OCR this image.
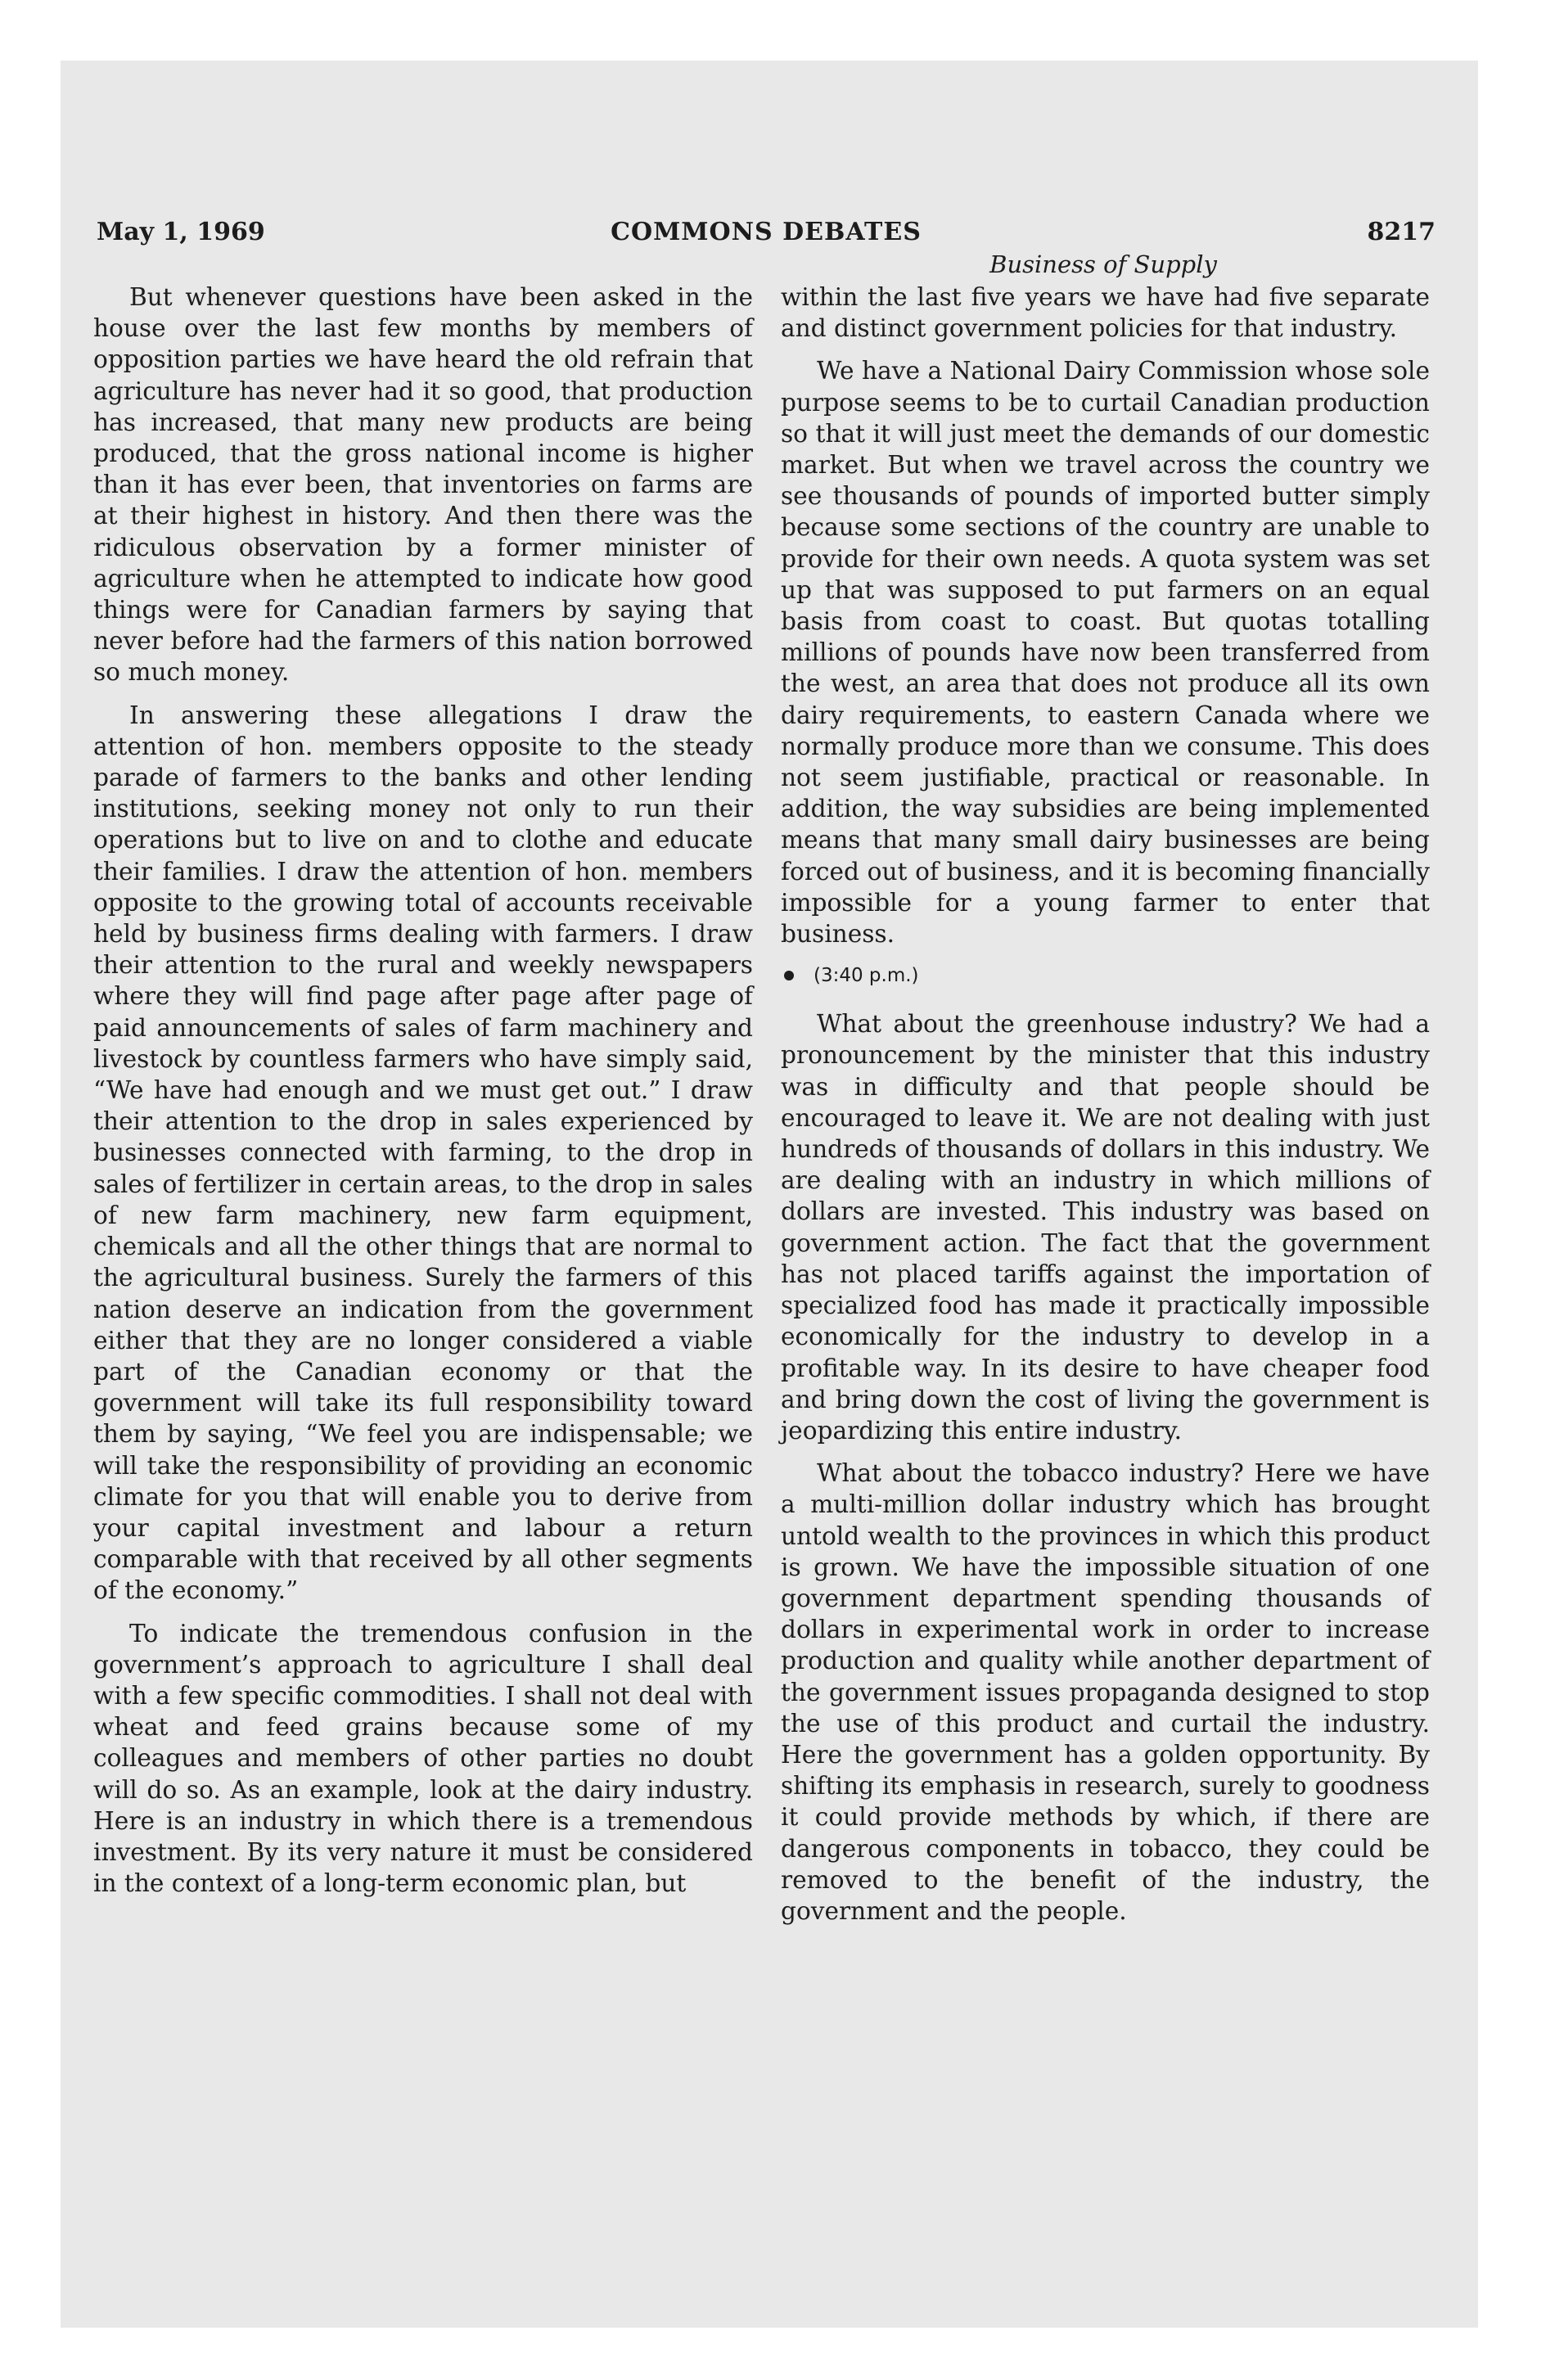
May 1, 1969	COMMONS DEBATES	8217
Business of Supply

But whenever questions have been asked in the house over the last few months by members of opposition parties we have heard the old refrain that agriculture has never had it so good, that production has increased, that many new products are being produced, that the gross national income is higher than it has ever been, that inventories on farms are at their highest in history. And then there was the ridiculous observation by a former minister of agriculture when he attempted to indicate how good things were for Canadian farmers by saying that never before had the farmers of this nation borrowed so much money.

In answering these allegations I draw the attention of hon. members opposite to the steady parade of farmers to the banks and other lending institutions, seeking money not only to run their operations but to live on and to clothe and educate their families. I draw the attention of hon. members opposite to the growing total of accounts receivable held by business firms dealing with farmers. I draw their attention to the rural and weekly newspapers where they will find page after page after page of paid announcements of sales of farm machinery and livestock by countless farmers who have simply said, “We have had enough and we must get out.” I draw their attention to the drop in sales experienced by businesses connected with farming, to the drop in sales of fertilizer in certain areas, to the drop in sales of new farm machinery, new farm equipment, chemicals and all the other things that are normal to the agricultural business. Surely the farmers of this nation deserve an indication from the government either that they are no longer considered a viable part of the Canadian economy or that the government will take its full responsibility toward them by saying, “We feel you are indispensable; we will take the responsibility of providing an economic climate for you that will enable you to derive from your capital investment and labour a return comparable with that received by all other segments of the economy.”

To indicate the tremendous confusion in the government’s approach to agriculture I shall deal with a few specific commodities. I shall not deal with wheat and feed grains because some of my colleagues and members of other parties no doubt will do so. As an example, look at the dairy industry. Here is an industry in which there is a tremendous investment. By its very nature it must be considered in the context of a long-term economic plan, but

within the last five years we have had five separate and distinct government policies for that industry.

We have a National Dairy Commission whose sole purpose seems to be to curtail Canadian production so that it will just meet the demands of our domestic market. But when we travel across the country we see thousands of pounds of imported butter simply because some sections of the country are unable to provide for their own needs. A quota system was set up that was supposed to put farmers on an equal basis from coast to coast. But quotas totalling millions of pounds have now been transferred from the west, an area that does not produce all its own dairy requirements, to eastern Canada where we normally produce more than we consume. This does not seem justifiable, practical or reasonable. In addition, the way subsidies are being implemented means that many small dairy businesses are being forced out of business, and it is becoming financially impossible for a young farmer to enter that business.

(3:40 p.m.)

What about the greenhouse industry? We had a pronouncement by the minister that this industry was in difficulty and that people should be encouraged to leave it. We are not dealing with just hundreds of thousands of dollars in this industry. We are dealing with an industry in which millions of dollars are invested. This industry was based on government action. The fact that the government has not placed tariffs against the importation of specialized food has made it practically impossible economically for the industry to develop in a profitable way. In its desire to have cheaper food and bring down the cost of living the government is jeopardizing this entire industry.

What about the tobacco industry? Here we have a multi-million dollar industry which has brought untold wealth to the provinces in which this product is grown. We have the impossible situation of one government department spending thousands of dollars in experimental work in order to increase production and quality while another department of the government issues propaganda designed to stop the use of this product and curtail the industry. Here the government has a golden opportunity. By shifting its emphasis in research, surely to goodness it could provide methods by which, if there are dangerous components in tobacco, they could be removed to the benefit of the industry, the government and the people.
